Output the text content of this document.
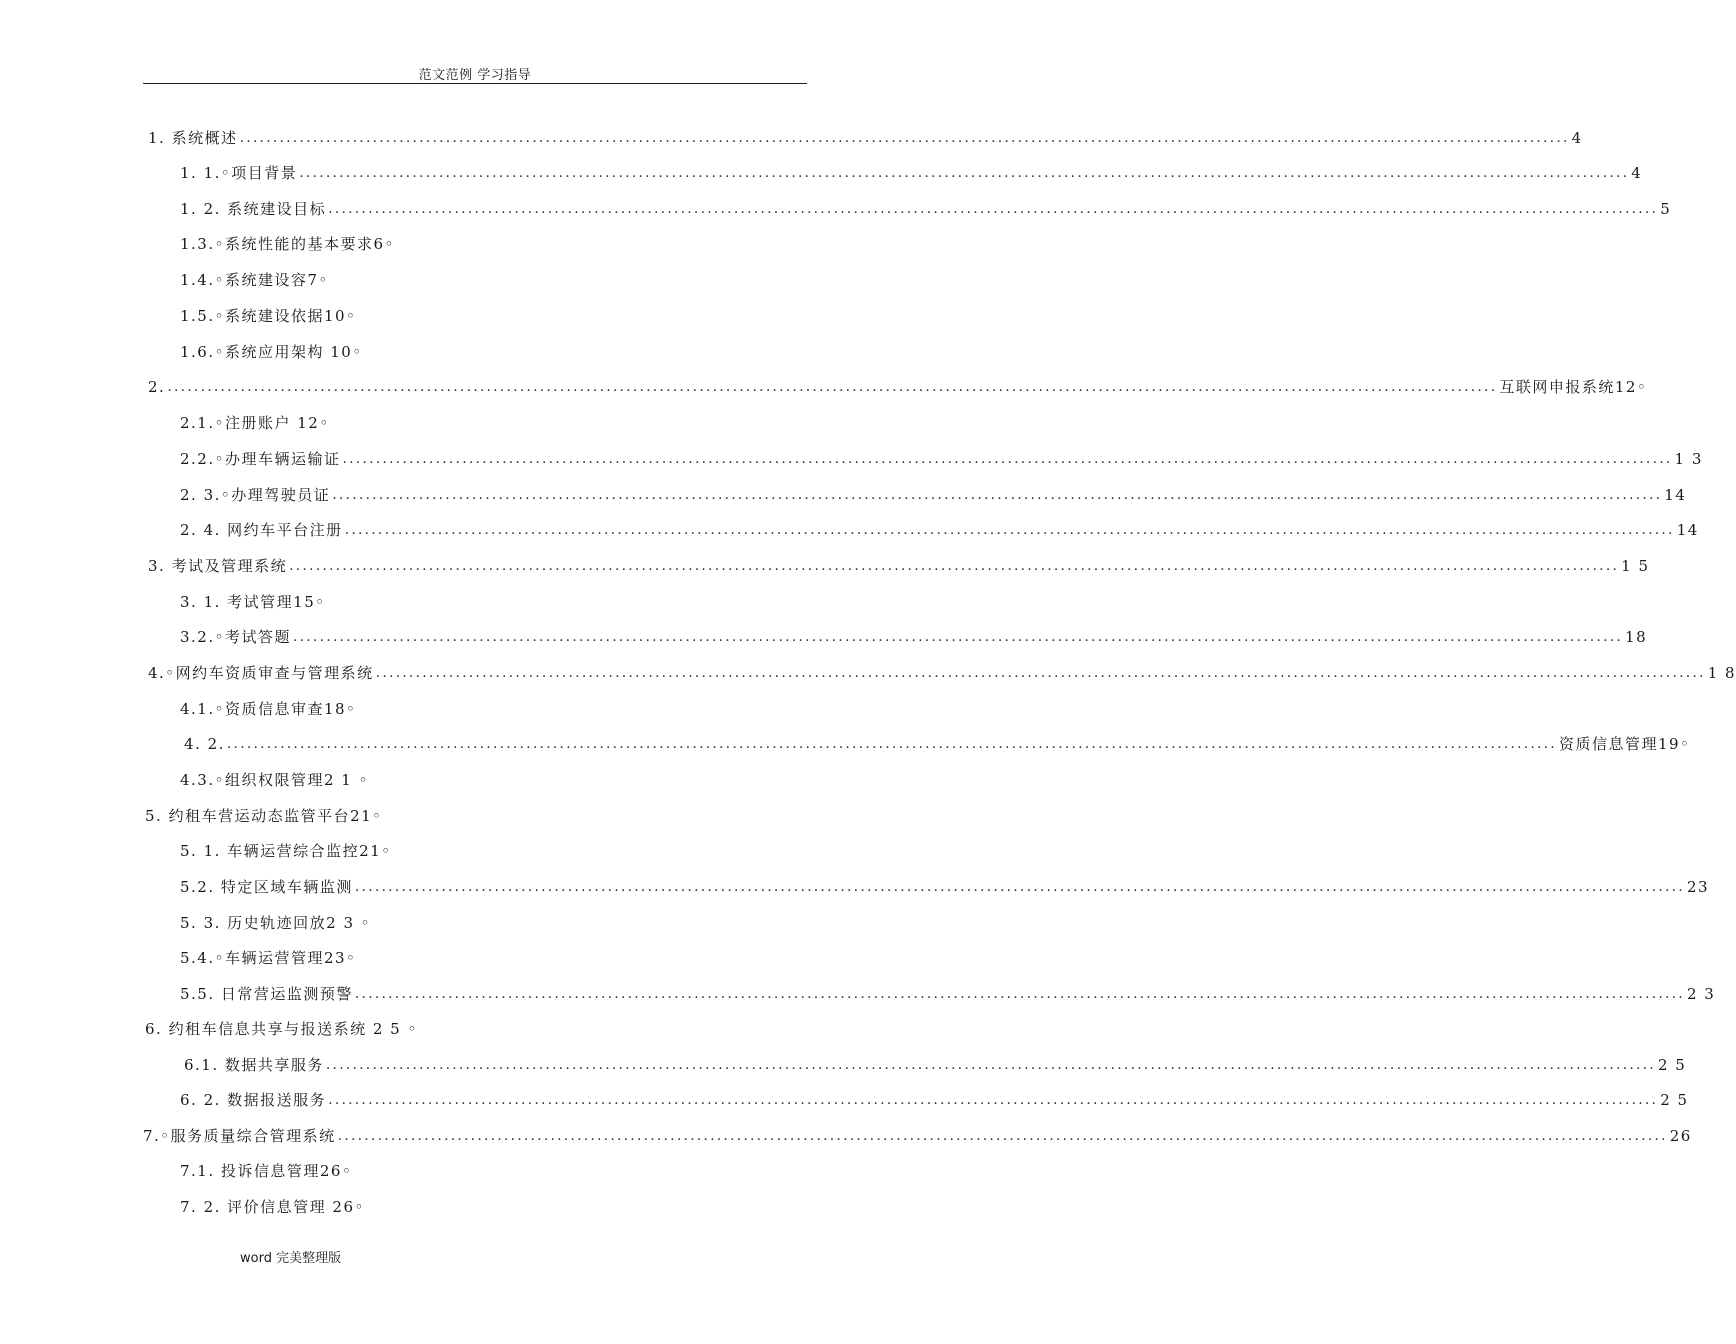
范文范例 学习指导
1. 系统概述 ........................................................................................................................................................................................................ 4
1. 1.◦项目背景 ........................................................................................................................................................................................................ 4
1. 2. 系统建设目标 ........................................................................................................................................................................................................ 5
1.3.◦系统性能的基本要求6◦
1.4.◦系统建设容7◦
1.5.◦系统建设依据10◦
1.6.◦系统应用架构 10◦
2. ........................................................................................................................................................................................................ 互联网申报系统12◦
2.1.◦注册账户 12◦
2.2.◦办理车辆运输证 ........................................................................................................................................................................................................ 1 3
2. 3.◦办理驾驶员证 ........................................................................................................................................................................................................ 14
2. 4. 网约车平台注册 ........................................................................................................................................................................................................ 14
3. 考试及管理系统 ........................................................................................................................................................................................................ 1 5
3. 1. 考试管理15◦
3.2.◦考试答题 ........................................................................................................................................................................................................ 18
4.◦网约车资质审查与管理系统 ........................................................................................................................................................................................................ 1 8
4.1.◦资质信息审查18◦
4. 2. ........................................................................................................................................................................................................ 资质信息管理19◦
4.3.◦组织权限管理2 1 ◦
5. 约租车营运动态监管平台21◦
5. 1. 车辆运营综合监控21◦
5.2. 特定区域车辆监测 ........................................................................................................................................................................................................ 23
5. 3. 历史轨迹回放2 3 ◦
5.4.◦车辆运营管理23◦
5.5. 日常营运监测预警 ........................................................................................................................................................................................................ 2 3
6. 约租车信息共享与报送系统 2 5 ◦
6.1. 数据共享服务 ........................................................................................................................................................................................................ 2 5
6. 2. 数据报送服务 ........................................................................................................................................................................................................ 2 5
7.◦服务质量综合管理系统 ........................................................................................................................................................................................................ 26
7.1. 投诉信息管理26◦
7. 2. 评价信息管理 26◦
word 完美整理版
